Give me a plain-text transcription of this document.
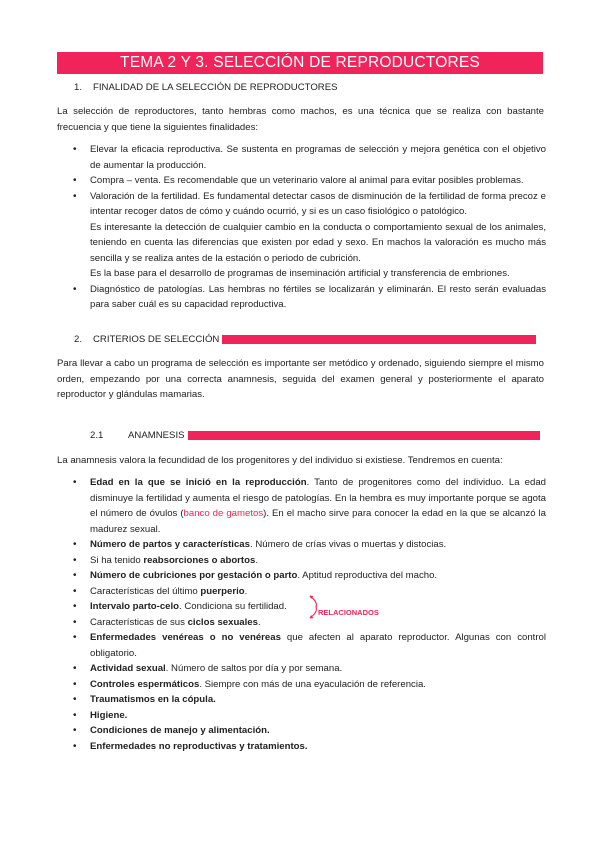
TEMA 2 Y 3. SELECCIÓN DE REPRODUCTORES
1.	FINALIDAD DE LA SELECCIÓN DE REPRODUCTORES

La selección de reproductores, tanto hembras como machos, es una técnica que se realiza con bastante frecuencia y que tiene la siguientes finalidades:

• Elevar la eficacia reproductiva. Se sustenta en programas de selección y mejora genética con el objetivo de aumentar la producción.
• Compra – venta. Es recomendable que un veterinario valore al animal para evitar posibles problemas.
• Valoración de la fertilidad. Es fundamental detectar casos de disminución de la fertilidad de forma precoz e intentar recoger datos de cómo y cuándo ocurrió, y si es un caso fisiológico o patológico.
Es interesante la detección de cualquier cambio en la conducta o comportamiento sexual de los animales, teniendo en cuenta las diferencias que existen por edad y sexo. En machos la valoración es mucho más sencilla y se realiza antes de la estación o periodo de cubrición.
Es la base para el desarrollo de programas de inseminación artificial y transferencia de embriones.
• Diagnóstico de patologías. Las hembras no fértiles se localizarán y eliminarán. El resto serán evaluadas para saber cuál es su capacidad reproductiva.
2.	CRITERIOS DE SELECCIÓN

Para llevar a cabo un programa de selección es importante ser metódico y ordenado, siguiendo siempre el mismo orden, empezando por una correcta anamnesis, seguida del examen general y posteriormente el aparato reproductor y glándulas mamarias.

2.1	ANAMNESIS

La anamnesis valora la fecundidad de los progenitores y del individuo si existiese. Tendremos en cuenta:

• Edad en la que se inició en la reproducción. Tanto de progenitores como del individuo. La edad disminuye la fertilidad y aumenta el riesgo de patologías. En la hembra es muy importante porque se agota el número de óvulos (banco de gametos). En el macho sirve para conocer la edad en la que se alcanzó la madurez sexual.
• Número de partos y características. Número de crías vivas o muertas y distocias.
• Si ha tenido reabsorciones o abortos.
• Número de cubriciones por gestación o parto. Aptitud reproductiva del macho.
• Características del último puerperio.
• Intervalo parto-celo. Condiciona su fertilidad.
• Características de sus ciclos sexuales.
• Enfermedades venéreas o no venéreas que afecten al aparato reproductor. Algunas con control obligatorio.
• Actividad sexual. Número de saltos por día y por semana.
• Controles espermáticos. Siempre con más de una eyaculación de referencia.
• Traumatismos en la cópula.
• Higiene.
• Condiciones de manejo y alimentación.
• Enfermedades no reproductivas y tratamientos.
RELACIONADOS
